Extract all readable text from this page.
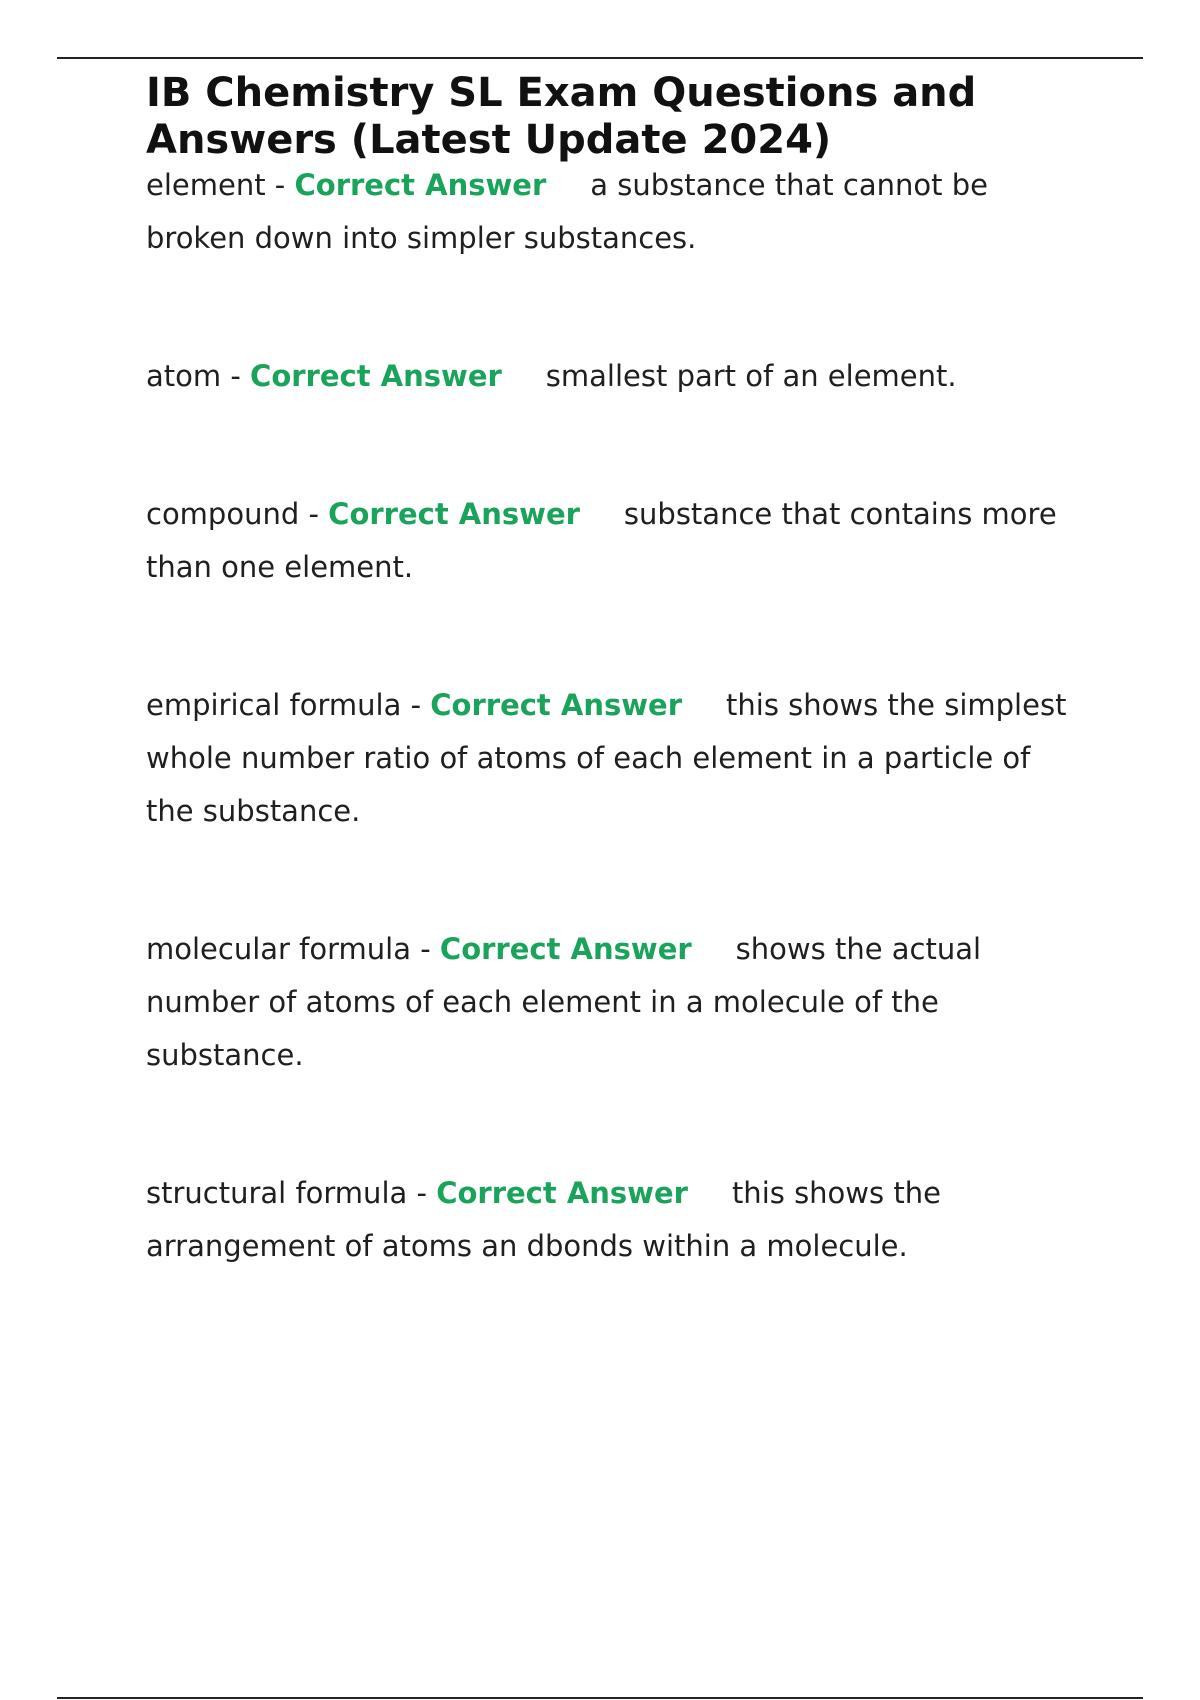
IB Chemistry SL Exam Questions and Answers (Latest Update 2024)

element - Correct Answer a substance that cannot be broken down into simpler substances.

atom - Correct Answer smallest part of an element.

compound - Correct Answer substance that contains more than one element.

empirical formula - Correct Answer this shows the simplest whole number ratio of atoms of each element in a particle of the substance.

molecular formula - Correct Answer shows the actual number of atoms of each element in a molecule of the substance.

structural formula - Correct Answer this shows the arrangement of atoms an dbonds within a molecule.
